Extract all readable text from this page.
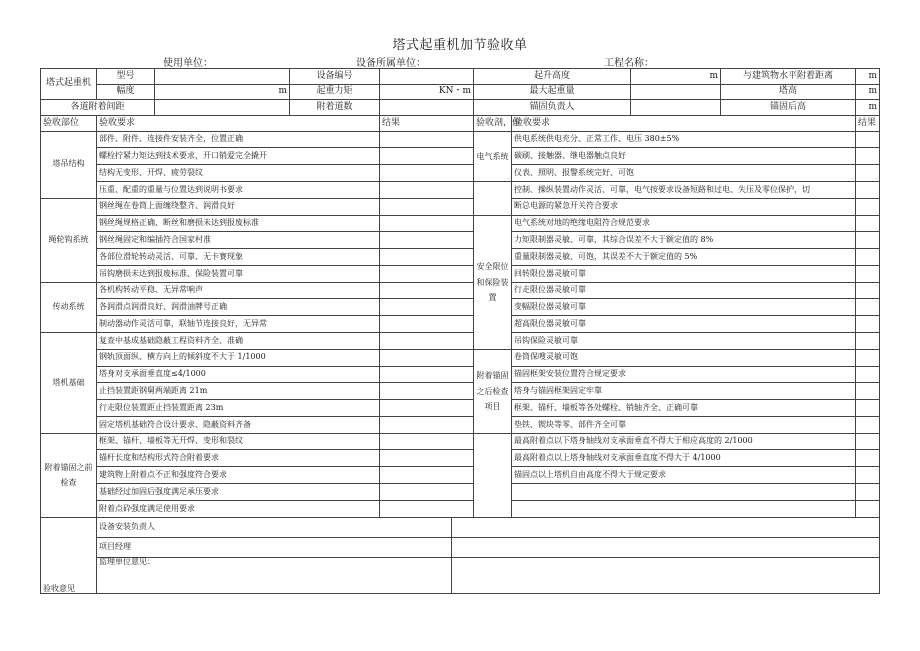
塔式起重机加节验收单
使用单位：	设备所属单位：	工程名称：
塔式起重机	型号		设备编号			起升高度		m	与建筑物水平附着距离	m
	幅度	m	起重力矩	KN・m		最大起重量			塔高	m
各道附着间距			附着道数			锚固负责人			锚固后高	m
验收部位	验收要求			结果		验收剖，位	验收要求			结果
塔吊结构	部件、附件、连接件安装齐全，位置正确					电气系统	供电系统供电充分、正常工作、电压 380±5%			
	螺栓拧紧力矩达到技术要求，开口销爱完全撬开						碳刷、接触器、继电器触点良好			
	结构无变形、开焊、疲劳裂纹						仪表、照明、报警系统完好、可饱			
	压重、配重的重量与位置达到说明书要求						控制、操纵装置动作灵活、可靠，电气按要求设备短路和过电、失压及零位保护，切			
绳轮钩系统	钢丝绳在卷筒上面缠绕整齐、润滑良好						断总电源的紧急开关符合要求			
	钢丝绳规格正确、断丝和磨损未达到报废标准					安全限位和保险装置	电气系统对地的绝缘电阻符合规范要求			
	钢丝绳固定和编插符合国家村准						力矩限制器灵敏、可靠，其综合误差不大于额定值的 8%			
	各部位滑轮转动灵活、可靠、无卡赛现象						重量限制器灵敏、可饱，其误差不大于额定值的 5%			
	吊钩磨损未达到报废标准、保险装置可靠						回转限位器灵敏可靠			
传动系统	各机构转动平稳、无异常响声						行走限位器灵敏可靠			
	各润滑点润滑良好、润滑油牌号正确						变幅限位器灵敏可靠			
	制动器动作灵活可靠，联轴节连接良好，无异常						超高限位器灵敏可靠			
塔机基础	复查中基成基础隐蔽工程资料齐全、准确						吊钩保险灵敏可靠			
	钢轨顶面纵、横方向上的倾斜度不大于 1/1000					附着锚固之后检查项目	卷筒保嗖灵敏可饱			
	塔身对支承面垂直度≤4/1000						锚固框架安装位置符合规定要求			
	止挡装置距钢舅两端距离 21m						塔身与锚固框架固定牢靠			
	行走限位装置距止挡装置距离 23m						框架、锚杆、墙板等各处螺栓、销轴齐全、正确可靠			
	固定塔机基础符合设计要求、隐蔽资料齐备						垫铁、锲块等零、部件齐全可靠			
附着锚固之前检查	框架、锚杆、墙板等无开焊、变形和裂纹						最高附着点以下塔身轴线对支承面垂直不得大于相应高度的 2/1000			
	锚杆长度和结构形式符合附着要求						最高附着点以上塔身轴线对支承面垂直度不得大于 4/1000			
	建筑物上附着点不正和强度符合要求						锚固点以上塔机自由高度不得大于规定要求			
	基础经过加固后强度满足承压要求									
	附着点砕强度满足使用要求									
验收意见	设备安装负责人									
	项目经理									
	监理单位意见：									
